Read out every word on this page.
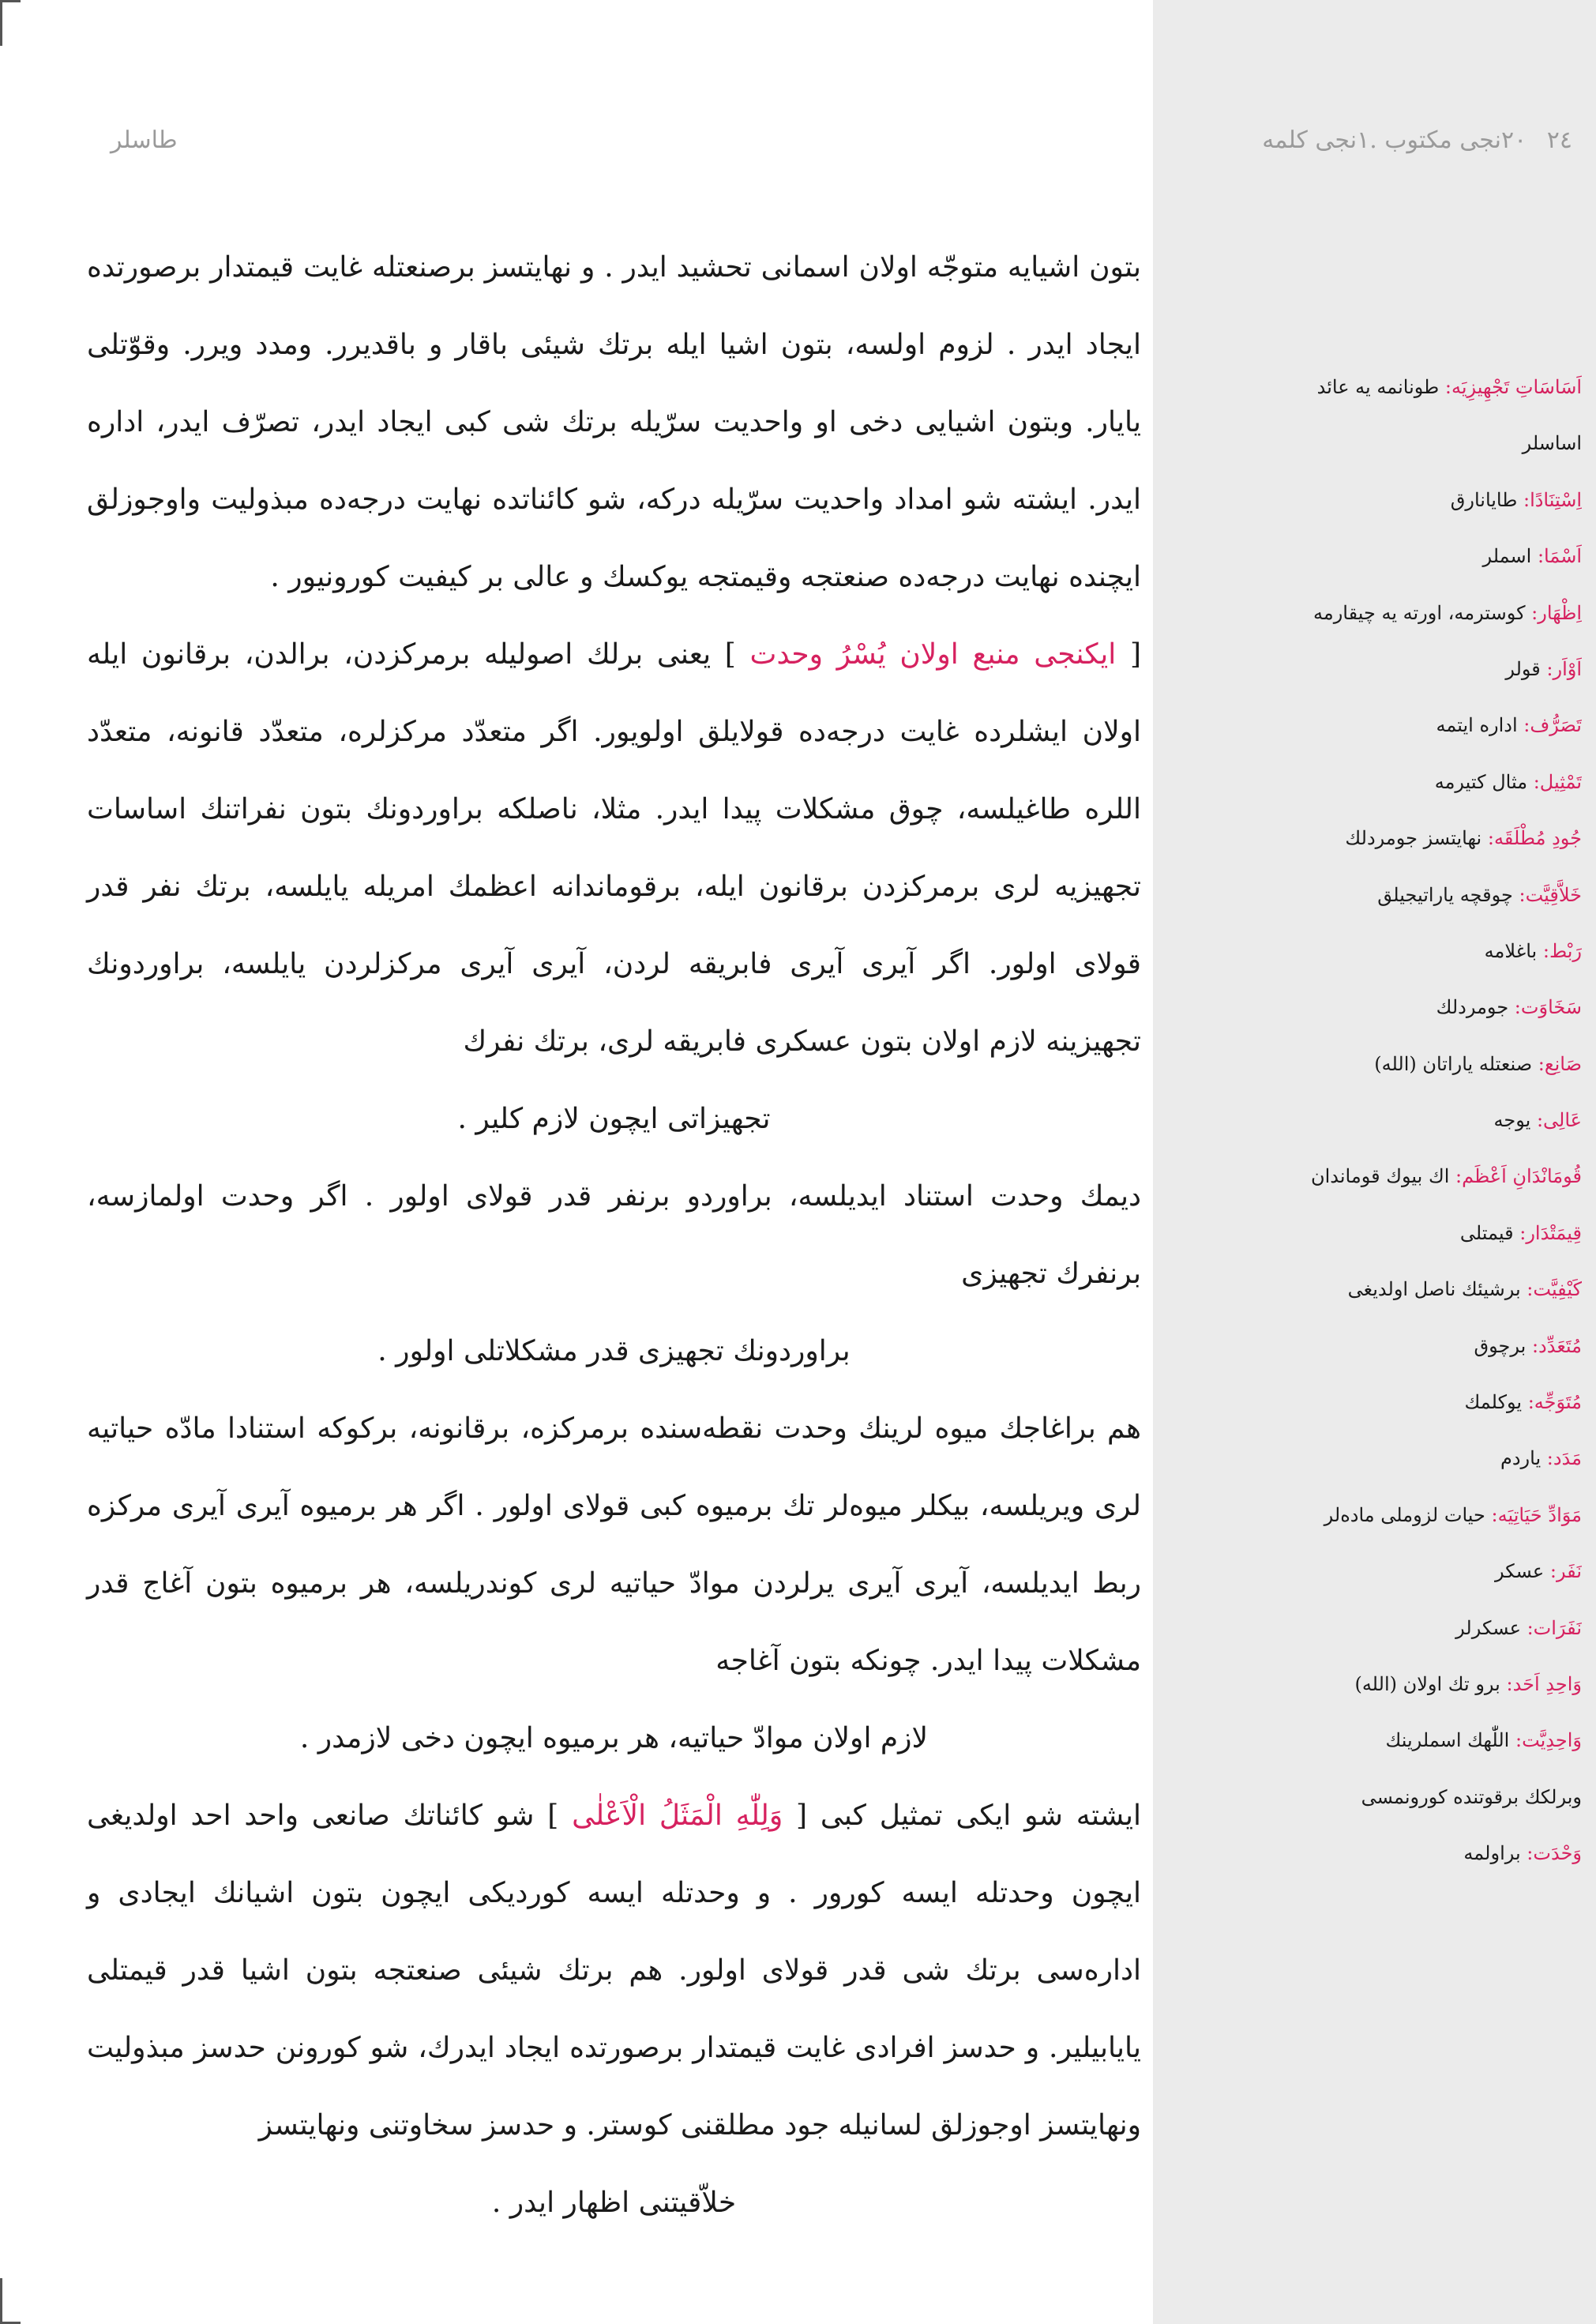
طاسلر

بتون اشيايه متوجّه اولان اسمانى تحشيد ايدر . و نهايتسز برصنعتله غايت قيمتدار برصورتده ايجاد ايدر . لزوم اولسه، بتون اشيا ايله برتك شيئى باقار و باقديرر. ومدد ويرر. وقوّتلى يايار. وبتون اشيايى دخى او واحديت سرّيله برتك شى كبى ايجاد ايدر، تصرّف ايدر، اداره ايدر. ايشته شو امداد واحديت سرّيله دركه، شو كائناتده نهايت درجه‌ده مبذوليت واوجوزلق ايچنده نهايت درجه‌ده صنعتجه وقيمتجه يوكسك و عالى بر كيفيت كورونيور .

[ ايكنجى منبع اولان يُسْرُ وحدت ] يعنى برلك اصوليله برمركزدن، برالدن، برقانون ايله اولان ايشلرده غايت درجه‌ده قولايلق اولويور. اگر متعدّد مركزلره، متعدّد قانونه، متعدّد اللره طاغيلسه، چوق مشكلات پيدا ايدر. مثلا، ناصلكه براوردونك بتون نفراتنك اساسات تجهيزيه لرى برمركزدن برقانون ايله، برقوماندانه اعظمك امريله يايلسه، برتك نفر قدر قولاى اولور. اگر آيرى آيرى فابريقه لردن، آيرى آيرى مركزلردن يايلسه، براوردونك تجهيزينه لازم اولان بتون عسكرى فابريقه لرى، برتك نفرك

تجهيزاتى ايچون لازم كلير .

ديمك وحدت استناد ايديلسه، براوردو برنفر قدر قولاى اولور . اگر وحدت اولمازسه، برنفرك تجهيزى

براوردونك تجهيزى قدر مشكلاتلى اولور .

هم براغاجك ميوه لرينك وحدت نقطه‌سنده برمركزه، برقانونه، بركوكه استنادا مادّه حياتيه لرى ويريلسه، بيكلر ميوه‌لر تك برميوه كبى قولاى اولور . اگر هر برميوه آيرى آيرى مركزه ربط ايديلسه، آيرى آيرى يرلردن موادّ حياتيه لرى كوندريلسه، هر برميوه بتون آغاج قدر مشكلات پيدا ايدر. چونكه بتون آغاجه

لازم اولان موادّ حياتيه، هر برميوه ايچون دخى لازمدر .

ايشته شو ايكى تمثيل كبى [ وَلِلّٰهِ الْمَثَلُ الْاَعْلٰى ] شو كائناتك صانعى واحد احد اولديغى ايچون وحدتله ايسه كورور . و وحدتله ايسه كورديكى ايچون بتون اشيانك ايجادى و اداره‌سى برتك شى قدر قولاى اولور. هم برتك شيئى صنعتجه بتون اشيا قدر قيمتلى يايابيلير. و حدسز افرادى غايت قيمتدار برصورتده ايجاد ايدرك، شو كورونن حدسز مبذوليت ونهايتسز اوجوزلق لسانيله جود مطلقنى كوستر. و حدسز سخاوتنى ونهايتسز

خلاّقيتنى اظهار ايدر .

٢٤ ٢٠نجی مكتوب .١نجی كلمه
اَسَاسَاتِ تَجْهِيزِيَه: طونانمه يه عائد
اساسلر
اِسْتِنَادًا: طايانارق
اَسْمَا: اسملر
اِظْهَار: كوسترمه، اورته يه چيقارمه
اَوْاَر: قولر
تَصَرُّف: اداره ايتمه
تَمْثِيل: مثال كتيرمه
جُودِ مُطْلَقَه: نهايتسز جومردلك
خَلاَّقِيَّت: چوقچه ياراتيجيلق
رَبْط: باغلامه
سَخَاوَت: جومردلك
صَانِع: صنعتله ياراتان (الله)
عَالِى: يوجه
قُومَانْدَانِ اَعْظَم: اك بيوك قوماندان
قِيمَتْدَار: قيمتلى
كَيْفِيَّت: برشيئك ناصل اولديغى
مُتَعَدِّد: برچوق
مُتَوَجِّه: يوكلمك
مَدَد: ياردم
مَوَادِّ حَيَاتِيَه: حيات لزوملى ماده‌لر
نَفَر: عسكر
نَفَرَات: عسكرلر
وَاحِدِ اَحَد: برو تك اولان (الله)
وَاحِدِيَّت: اللّٰهك اسملرينك
وبرلكك برقوتنده كورونمسى
وَحْدَت: براولمه
